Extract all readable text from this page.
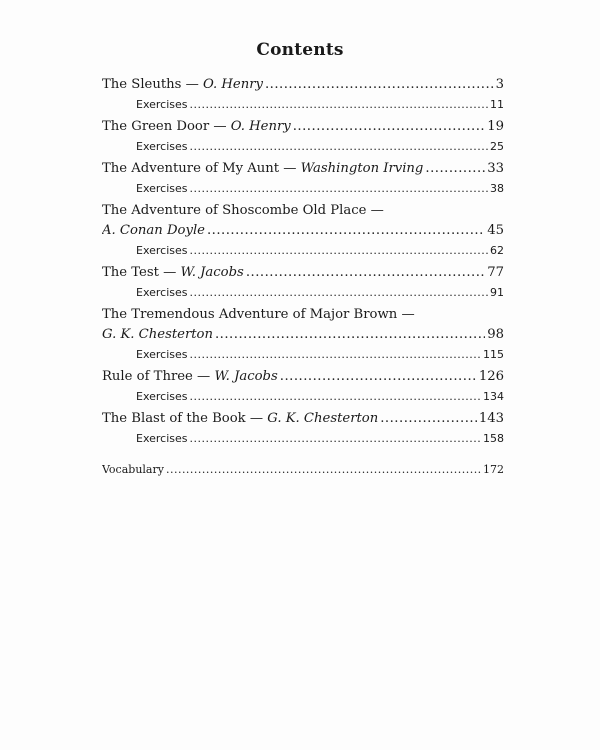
Contents
The Sleuths — O. Henry .....	3
Exercises .....	11
The Green Door — O. Henry .....	19
Exercises .....	25
The Adventure of My Aunt — Washington Irving .....	33
Exercises .....	38
The Adventure of Shoscombe Old Place —
A. Conan Doyle .....	45
Exercises .....	62
The Test — W. Jacobs .....	77
Exercises .....	91
The Tremendous Adventure of Major Brown —
G. K. Chesterton .....	98
Exercises .....	115
Rule of Three — W. Jacobs .....	126
Exercises .....	134
The Blast of the Book — G. K. Chesterton .....	143
Exercises .....	158
Vocabulary .....	172
